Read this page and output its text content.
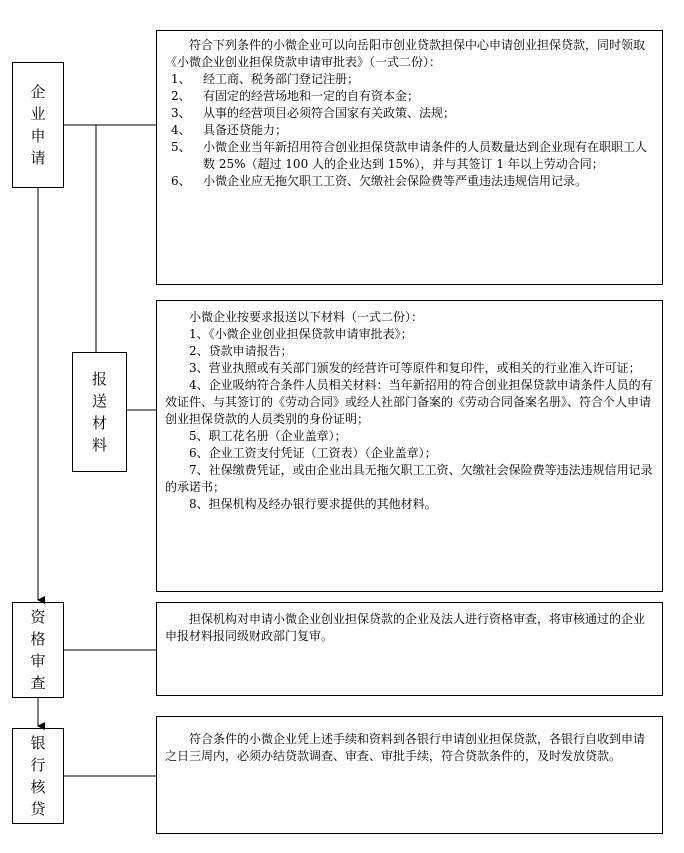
企
业
申
请
报
送
材
料
资
格
审
查
银
行
核
贷

符合下列条件的小微企业可以向岳阳市创业贷款担保中心申请创业担保贷款，同时领取《小微企业创业担保贷款申请审批表》（一式二份）：

1、	经工商、税务部门登记注册；
2、	有固定的经营场地和一定的自有资本金；
3、	从事的经营项目必须符合国家有关政策、法规；
4、	具备还贷能力；
5、	小微企业当年新招用符合创业担保贷款申请条件的人员数量达到企业现有在职职工人数 25%（超过 100 人的企业达到 15%），并与其签订 1 年以上劳动合同；
6、	小微企业应无拖欠职工工资、欠缴社会保险费等严重违法违规信用记录。

小微企业按要求报送以下材料（一式二份）：

1、《小微企业创业担保贷款申请审批表》；

2、贷款申请报告；

3、营业执照或有关部门颁发的经营许可等原件和复印件，或相关的行业准入许可证；

4、企业吸纳符合条件人员相关材料：当年新招用的符合创业担保贷款申请条件人员的有效证件、与其签订的《劳动合同》或经人社部门备案的《劳动合同备案名册》、符合个人申请创业担保贷款的人员类别的身份证明；

5、职工花名册（企业盖章）；

6、企业工资支付凭证（工资表）（企业盖章）；

7、社保缴费凭证，或由企业出具无拖欠职工工资、欠缴社会保险费等违法违规信用记录的承诺书；

8、担保机构及经办银行要求提供的其他材料。

担保机构对申请小微企业创业担保贷款的企业及法人进行资格审查，将审核通过的企业申报材料报同级财政部门复审。

符合条件的小微企业凭上述手续和资料到各银行申请创业担保贷款，各银行自收到申请之日三周内，必须办结贷款调查、审查、审批手续，符合贷款条件的，及时发放贷款。
